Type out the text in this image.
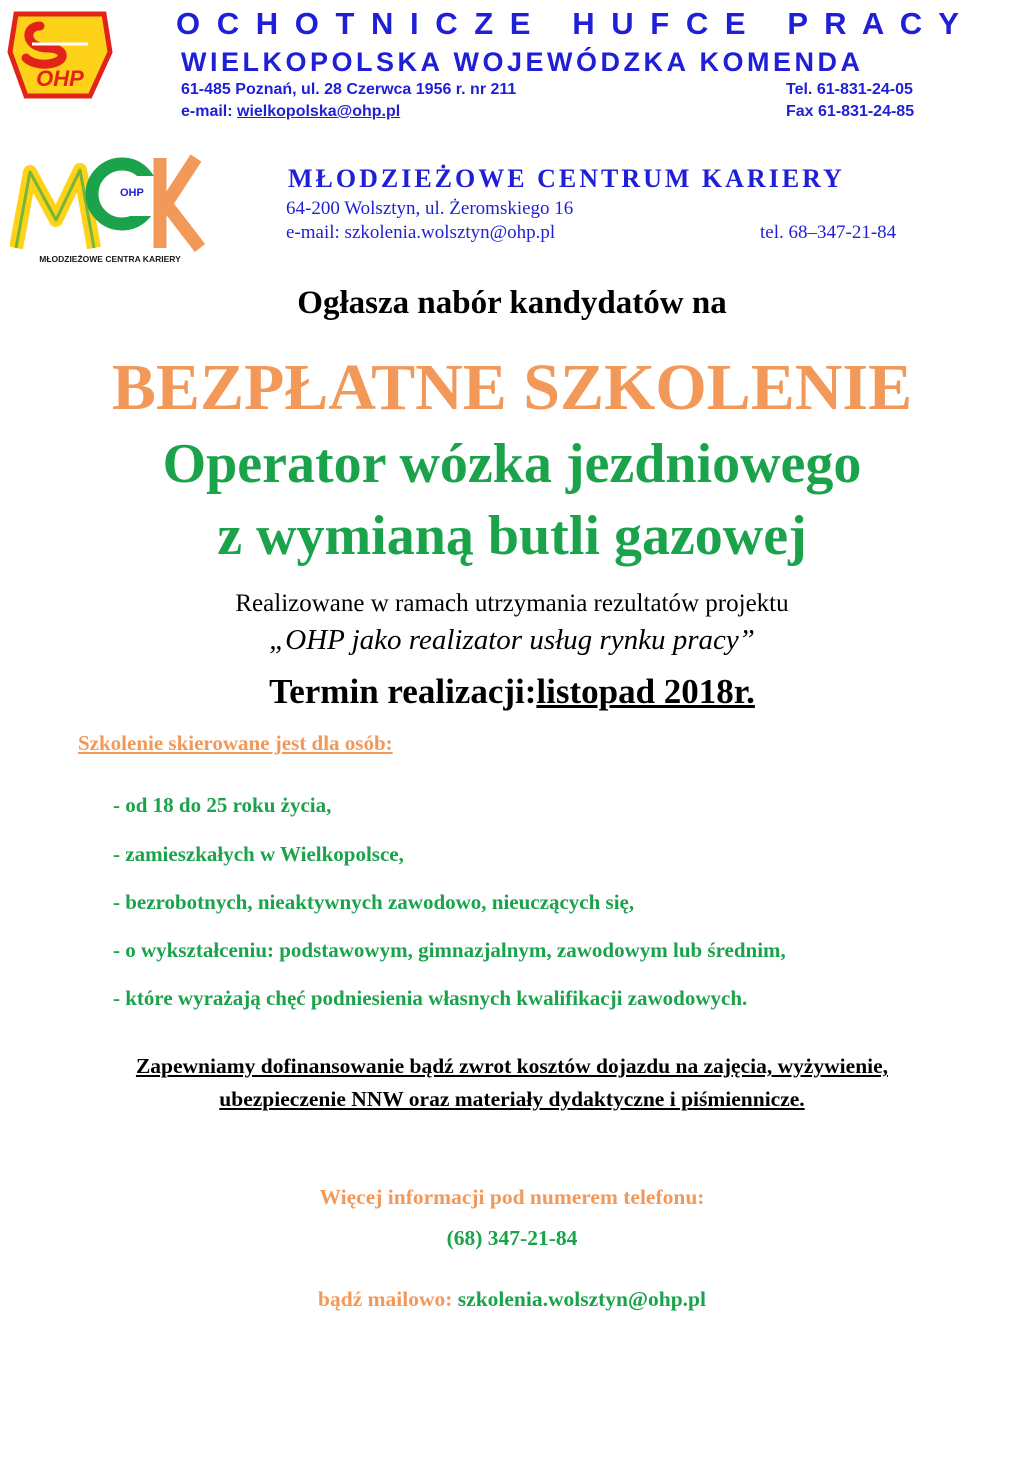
OHP
O C H O T N I C Z E   H U F C E   P R A C Y
WIELKOPOLSKA WOJEWÓDZKA KOMENDA
61-485 Poznań, ul. 28 Czerwca 1956 r. nr 211	Tel. 61-831-24-05
e-mail: wielkopolska@ohp.pl	Fax 61-831-24-85
OHP
MŁODZIEŻOWE CENTRA KARIERY
MŁODZIEŻOWE CENTRUM KARIERY
64-200 Wolsztyn, ul. Żeromskiego 16
e-mail: szkolenia.wolsztyn@ohp.pl	tel. 68–347-21-84
Ogłasza nabór kandydatów na
BEZPŁATNE SZKOLENIE
Operator wózka jezdniowego
z wymianą butli gazowej
Realizowane w ramach utrzymania rezultatów projektu
„OHP jako realizator usług rynku pracy”
Termin realizacji:listopad 2018r.
Szkolenie skierowane jest dla osób:
- od 18 do 25 roku życia,
- zamieszkałych w Wielkopolsce,
- bezrobotnych, nieaktywnych zawodowo, nieuczących się,
- o wykształceniu: podstawowym, gimnazjalnym, zawodowym lub średnim,
- które wyrażają chęć podniesienia własnych kwalifikacji zawodowych.
Zapewniamy dofinansowanie bądź zwrot kosztów dojazdu na zajęcia, wyżywienie,
ubezpieczenie NNW oraz materiały dydaktyczne i piśmiennicze.
Więcej informacji pod numerem telefonu:
(68) 347-21-84
bądź mailowo: szkolenia.wolsztyn@ohp.pl
